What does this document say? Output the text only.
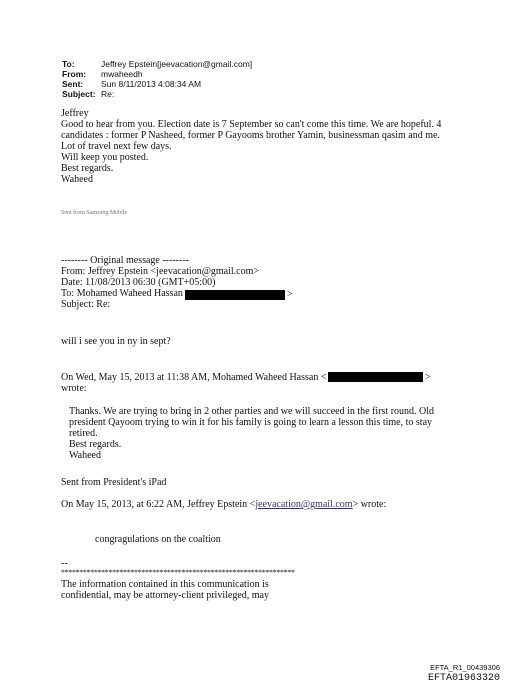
To:	Jeffrey Epstein[jeevacation@gmail.com]
From: mwaheedh
Sent: Sun 8/11/2013 4:08:34 AM
Subject: Re:
Jeffrey
Good to hear from you. Election date is 7 September so can't come this time. We are hopeful. 4
candidates : former P Nasheed, former P Gayooms brother Yamin, businessman qasim and me.
Lot of travel next few days.
Will keep you posted.
Best regards.
Waheed
Sent from Samsung Mobile
-------- Original message --------
From: Jeffrey Epstein <jeevacation@gmail.com>
Date: 11/08/2013 06:30 (GMT+05:00)
To: Mohamed Waheed Hassan
Subject: Re:
>
will i see you in ny in sept?
On Wed, May 15, 2013 at 11:38 AM, Mohamed Waheed Hassan <	>
wrote:
Thanks. We are trying to bring in 2 other parties and we will succeed in the first round. Old
president Qayoom trying to win it for his family is going to learn a lesson this time, to stay
retired.
Best regards.
Waheed
Sent from President's iPad
On May 15, 2013, at 6:22 AM, Jeffrey Epstein <jeevacation@gmail.com> wrote:
congragulations on the coaltion
--
****************************************************************
The information contained in this communication is
confidential, may be attorney-client privileged, may
EFTA_R1_00439306
EFTA01963320
